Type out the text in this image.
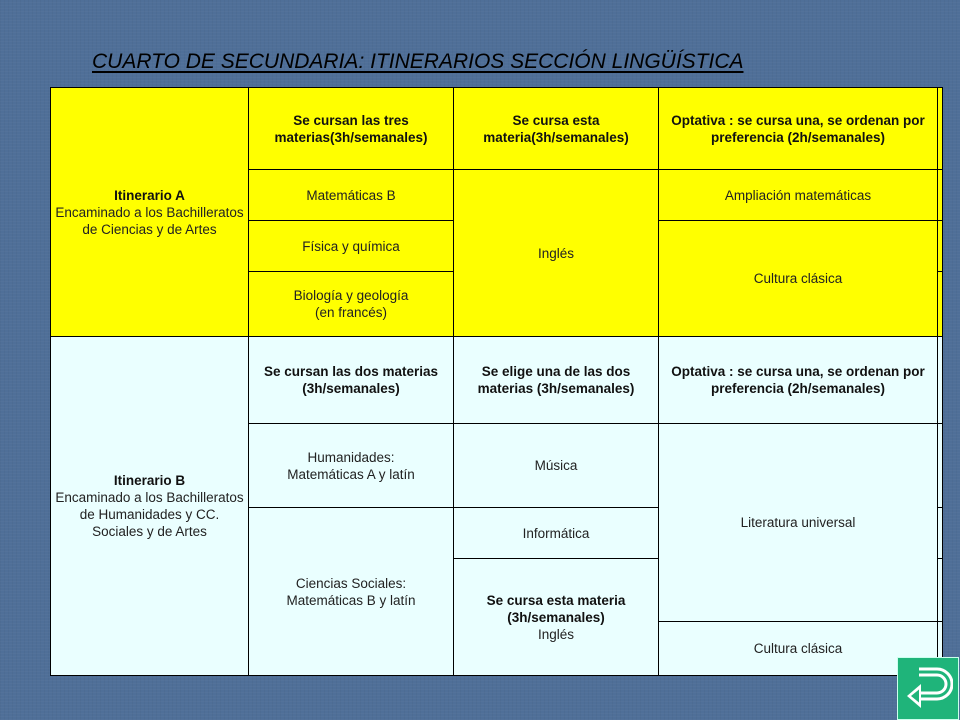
CUARTO DE SECUNDARIA: ITINERARIOS SECCIÓN LINGÜÍSTICA
Itinerario A
Encaminado a los Bachilleratos de Ciencias y de Artes
Se cursan las tres materias(3h/semanales)
Se cursa esta materia(3h/semanales)
Optativa : se cursa una, se ordenan por preferencia (2h/semanales)
Matemáticas B
Inglés
Ampliación matemáticas
Física y química
Cultura clásica
Biología y geología
(en francés)
Itinerario B
Encaminado a los Bachilleratos de Humanidades y CC. Sociales y de Artes
Se cursan las dos materias (3h/semanales)
Se elige una de las dos materias (3h/semanales)
Optativa : se cursa una, se ordenan por preferencia (2h/semanales)
Humanidades:
Matemáticas A y latín
Música
Literatura universal
Ciencias Sociales:
Matemáticas B y latín
Informática
Se cursa esta materia (3h/semanales)
Inglés
Cultura clásica
